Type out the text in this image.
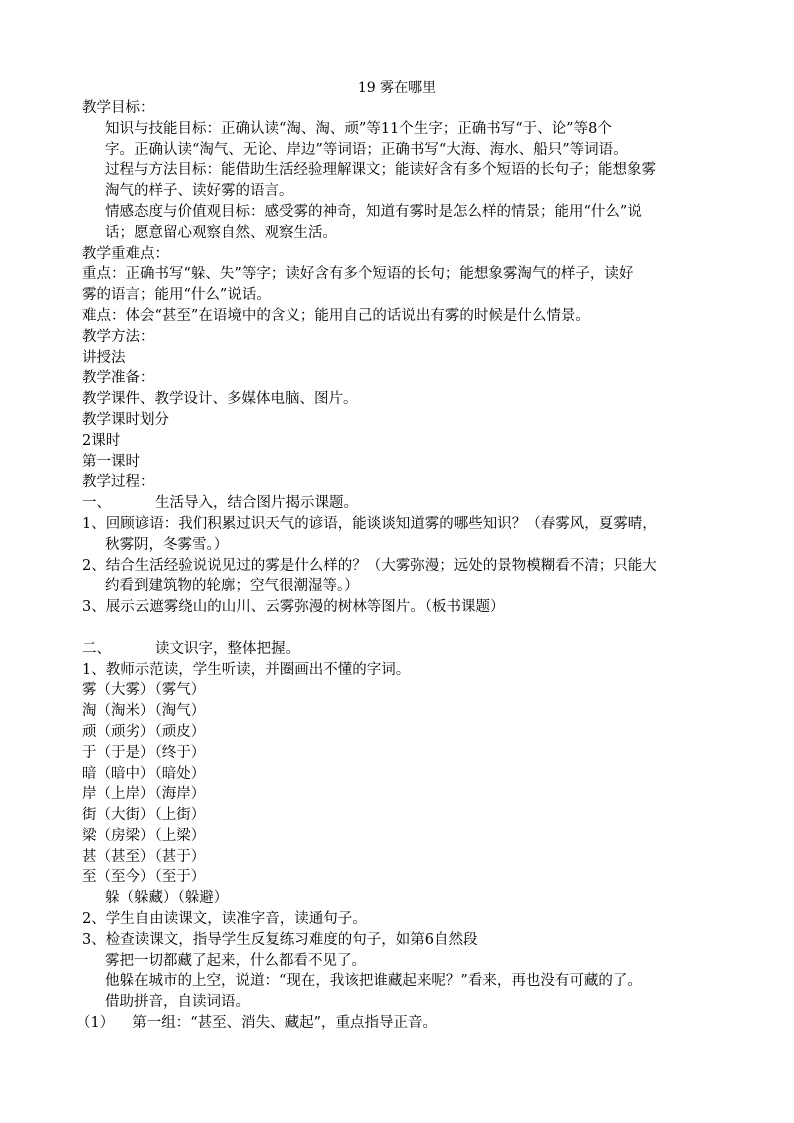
19 雾在哪里
教学目标：
知识与技能目标：正确认读“淘、淘、顽”等11个生字；正确书写“于、论”等8个
字。正确认读“淘气、无论、岸边”等词语；正确书写“大海、海水、船只”等词语。
过程与方法目标：能借助生活经验理解课文；能读好含有多个短语的长句子；能想象雾
淘气的样子、读好雾的语言。
情感态度与价值观目标：感受雾的神奇，知道有雾时是怎么样的情景；能用“什么”说
话；愿意留心观察自然、观察生活。
教学重难点：
重点：正确书写“躲、失”等字；读好含有多个短语的长句；能想象雾淘气的样子，读好
雾的语言；能用“什么”说话。
难点：体会“甚至”在语境中的含义；能用自己的话说出有雾的时候是什么情景。
教学方法：
讲授法
教学准备：
教学课件、教学设计、多媒体电脑、图片。
教学课时划分
2课时
第一课时
教学过程：
一、	生活导入，结合图片揭示课题。
1、回顾谚语：我们积累过识天气的谚语，能谈谈知道雾的哪些知识？（春雾风，夏雾晴，
秋雾阴，冬雾雪。）
2、结合生活经验说说见过的雾是什么样的？（大雾弥漫；远处的景物模糊看不清；只能大
约看到建筑物的轮廓；空气很潮湿等。）
3、展示云遮雾绕山的山川、云雾弥漫的树林等图片。（板书课题）
二、	读文识字，整体把握。
1、教师示范读，学生听读，并圈画出不懂的字词。
雾（大雾）（雾气）
淘（淘米）（淘气）
顽（顽劣）（顽皮）
于（于是）（终于）
暗（暗中）（暗处）
岸（上岸）（海岸）
街（大街）（上街）
梁（房梁）（上梁）
甚（甚至）（甚于）
至（至今）（至于）
躲（躲藏）（躲避）
2、学生自由读课文，读准字音，读通句子。
3、检查读课文，指导学生反复练习难度的句子，如第6自然段
雾把一切都藏了起来，什么都看不见了。
他躲在城市的上空，说道：“现在，我该把谁藏起来呢？”看来，再也没有可藏的了。
借助拼音，自读词语。
（1） 第一组：“甚至、消失、藏起”，重点指导正音。
